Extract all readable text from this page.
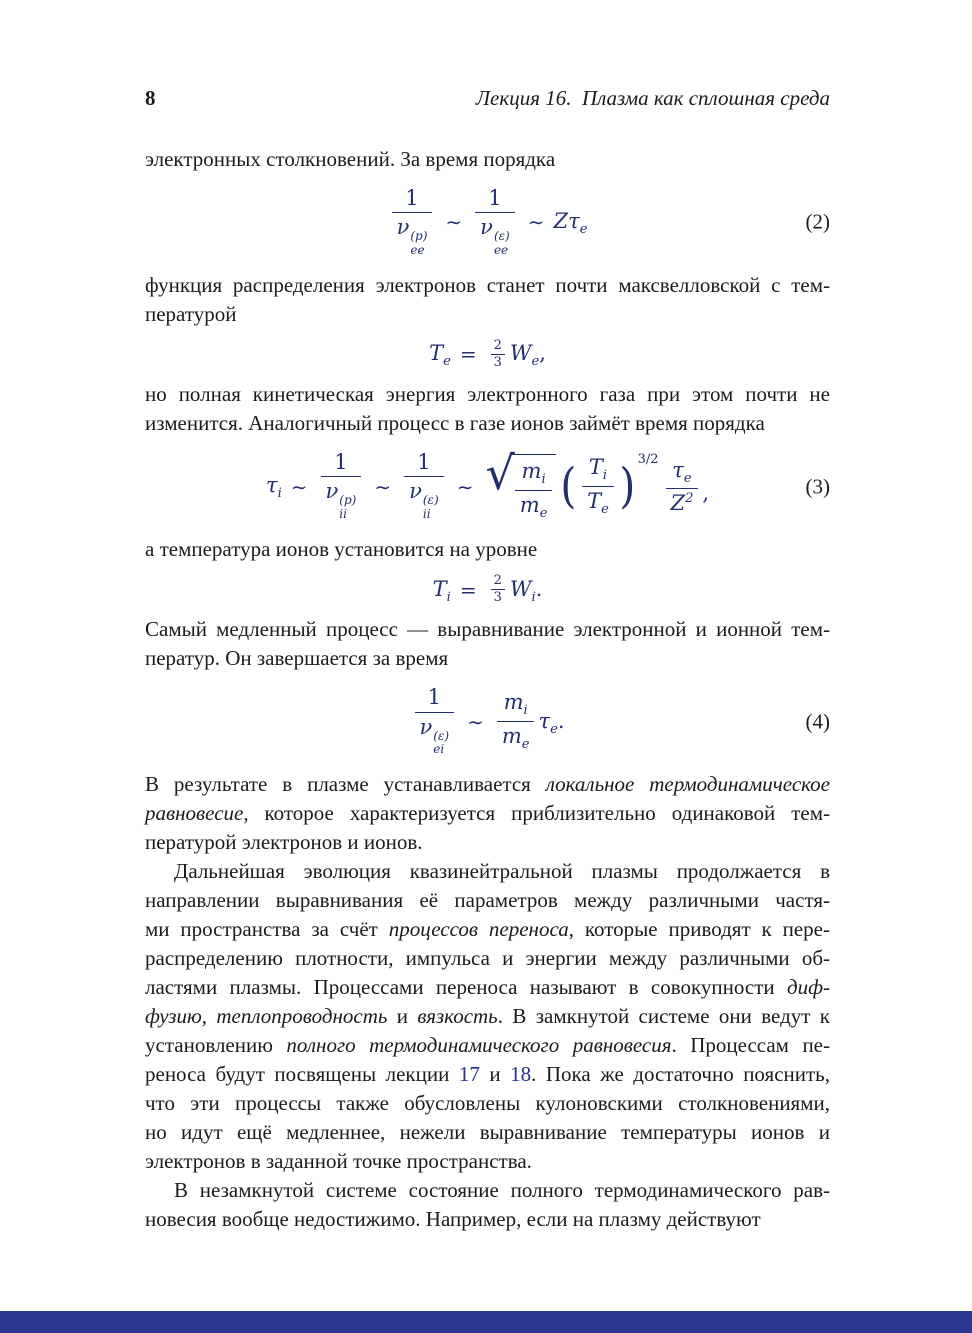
8	Лекция 16. Плазма как сплошная среда
электронных столкновений. За время порядка
1
ν (p)
ee ∼ 1
ν (ε)
ee ∼ $Z\tau_e$	(2)
функция распределения электронов станет почти максвелловской с тем-
пературой
$T_e = \frac{2}{3} W_e$,
но полная кинетическая энергия электронного газа при этом почти не
изменится. Аналогичный процесс в газе ионов займёт время порядка
$\tau_i$ ∼ 1
ν (p)
ii ∼ 1
ν (ε)
ii ∼ √ $\frac{m_i}{m_e}$ ( $\frac{T_i}{T_e}$ ) $3/2 \frac{\tau_e}{Z^2}$ ,	(3)
а температура ионов установится на уровне
$T_i = \frac{2}{3} W_i$.
Самый медленный процесс — выравнивание электронной и ионной тем-
ператур. Он завершается за время
1
ν (ε)
ei ∼ $\frac{m_i}{m_e} \tau_e$.	(4)
В результате в плазме устанавливается локальное термодинамическое
равновесие, которое характеризуется приблизительно одинаковой тем-
пературой электронов и ионов.
Дальнейшая эволюция квазинейтральной плазмы продолжается в
направлении выравнивания её параметров между различными частя-
ми пространства за счёт процессов переноса, которые приводят к пере-
распределению плотности, импульса и энергии между различными об-
ластями плазмы. Процессами переноса называют в совокупности диф-
фузию, теплопроводность и вязкость. В замкнутой системе они ведут к
установлению полного термодинамического равновесия. Процессам пе-
реноса будут посвящены лекции 17 и 18. Пока же достаточно пояснить,
что эти процессы также обусловлены кулоновскими столкновениями,
но идут ещё медленнее, нежели выравнивание температуры ионов и
электронов в заданной точке пространства.
В незамкнутой системе состояние полного термодинамического рав-
новесия вообще недостижимо. Например, если на плазму действуют
